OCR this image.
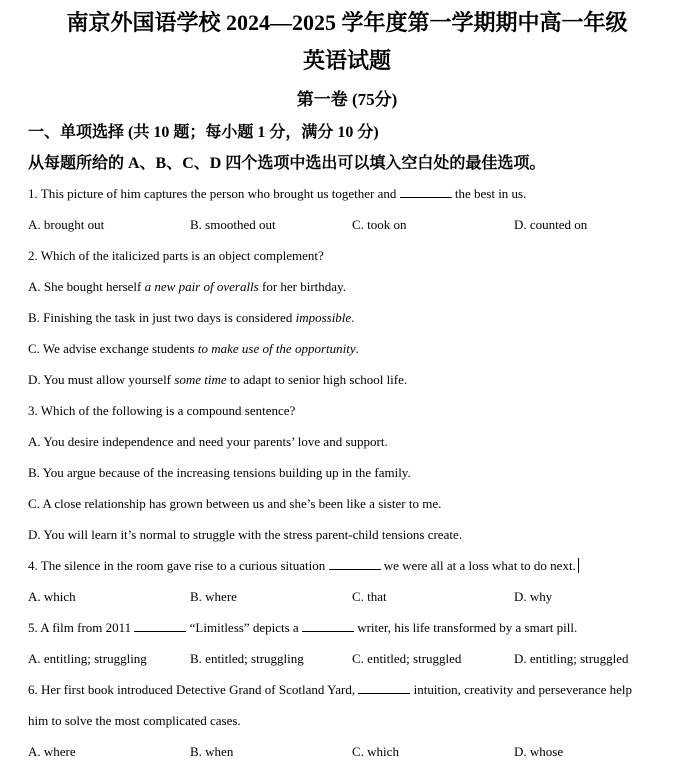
南京外国语学校 2024—2025 学年度第一学期期中高一年级
英语试题
第一卷 (75分)
一、单项选择 (共 10 题；每小题 1 分，满分 10 分)
从每题所给的 A、B、C、D 四个选项中选出可以填入空白处的最佳选项。

1. This picture of him captures the person who brought us together and	the best in us.

A. brought out	B. smoothed out	C. took on	D. counted on

2. Which of the italicized parts is an object complement?

A. She bought herself a new pair of overalls for her birthday.

B. Finishing the task in just two days is considered impossible.

C. We advise exchange students to make use of the opportunity.

D. You must allow yourself some time to adapt to senior high school life.

3. Which of the following is a compound sentence?

A. You desire independence and need your parents’ love and support.

B. You argue because of the increasing tensions building up in the family.

C. A close relationship has grown between us and she’s been like a sister to me.

D. You will learn it’s normal to struggle with the stress parent-child tensions create.

4. The silence in the room gave rise to a curious situation	we were all at a loss what to do next.

A. which	B. where	C. that	D. why

5. A film from 2011	“Limitless” depicts a	writer, his life transformed by a smart pill.

A. entitling; struggling	B. entitled; struggling	C. entitled; struggled	D. entitling; struggled

6. Her first book introduced Detective Grand of Scotland Yard,	intuition, creativity and perseverance help

him to solve the most complicated cases.

A. where	B. when	C. which	D. whose
